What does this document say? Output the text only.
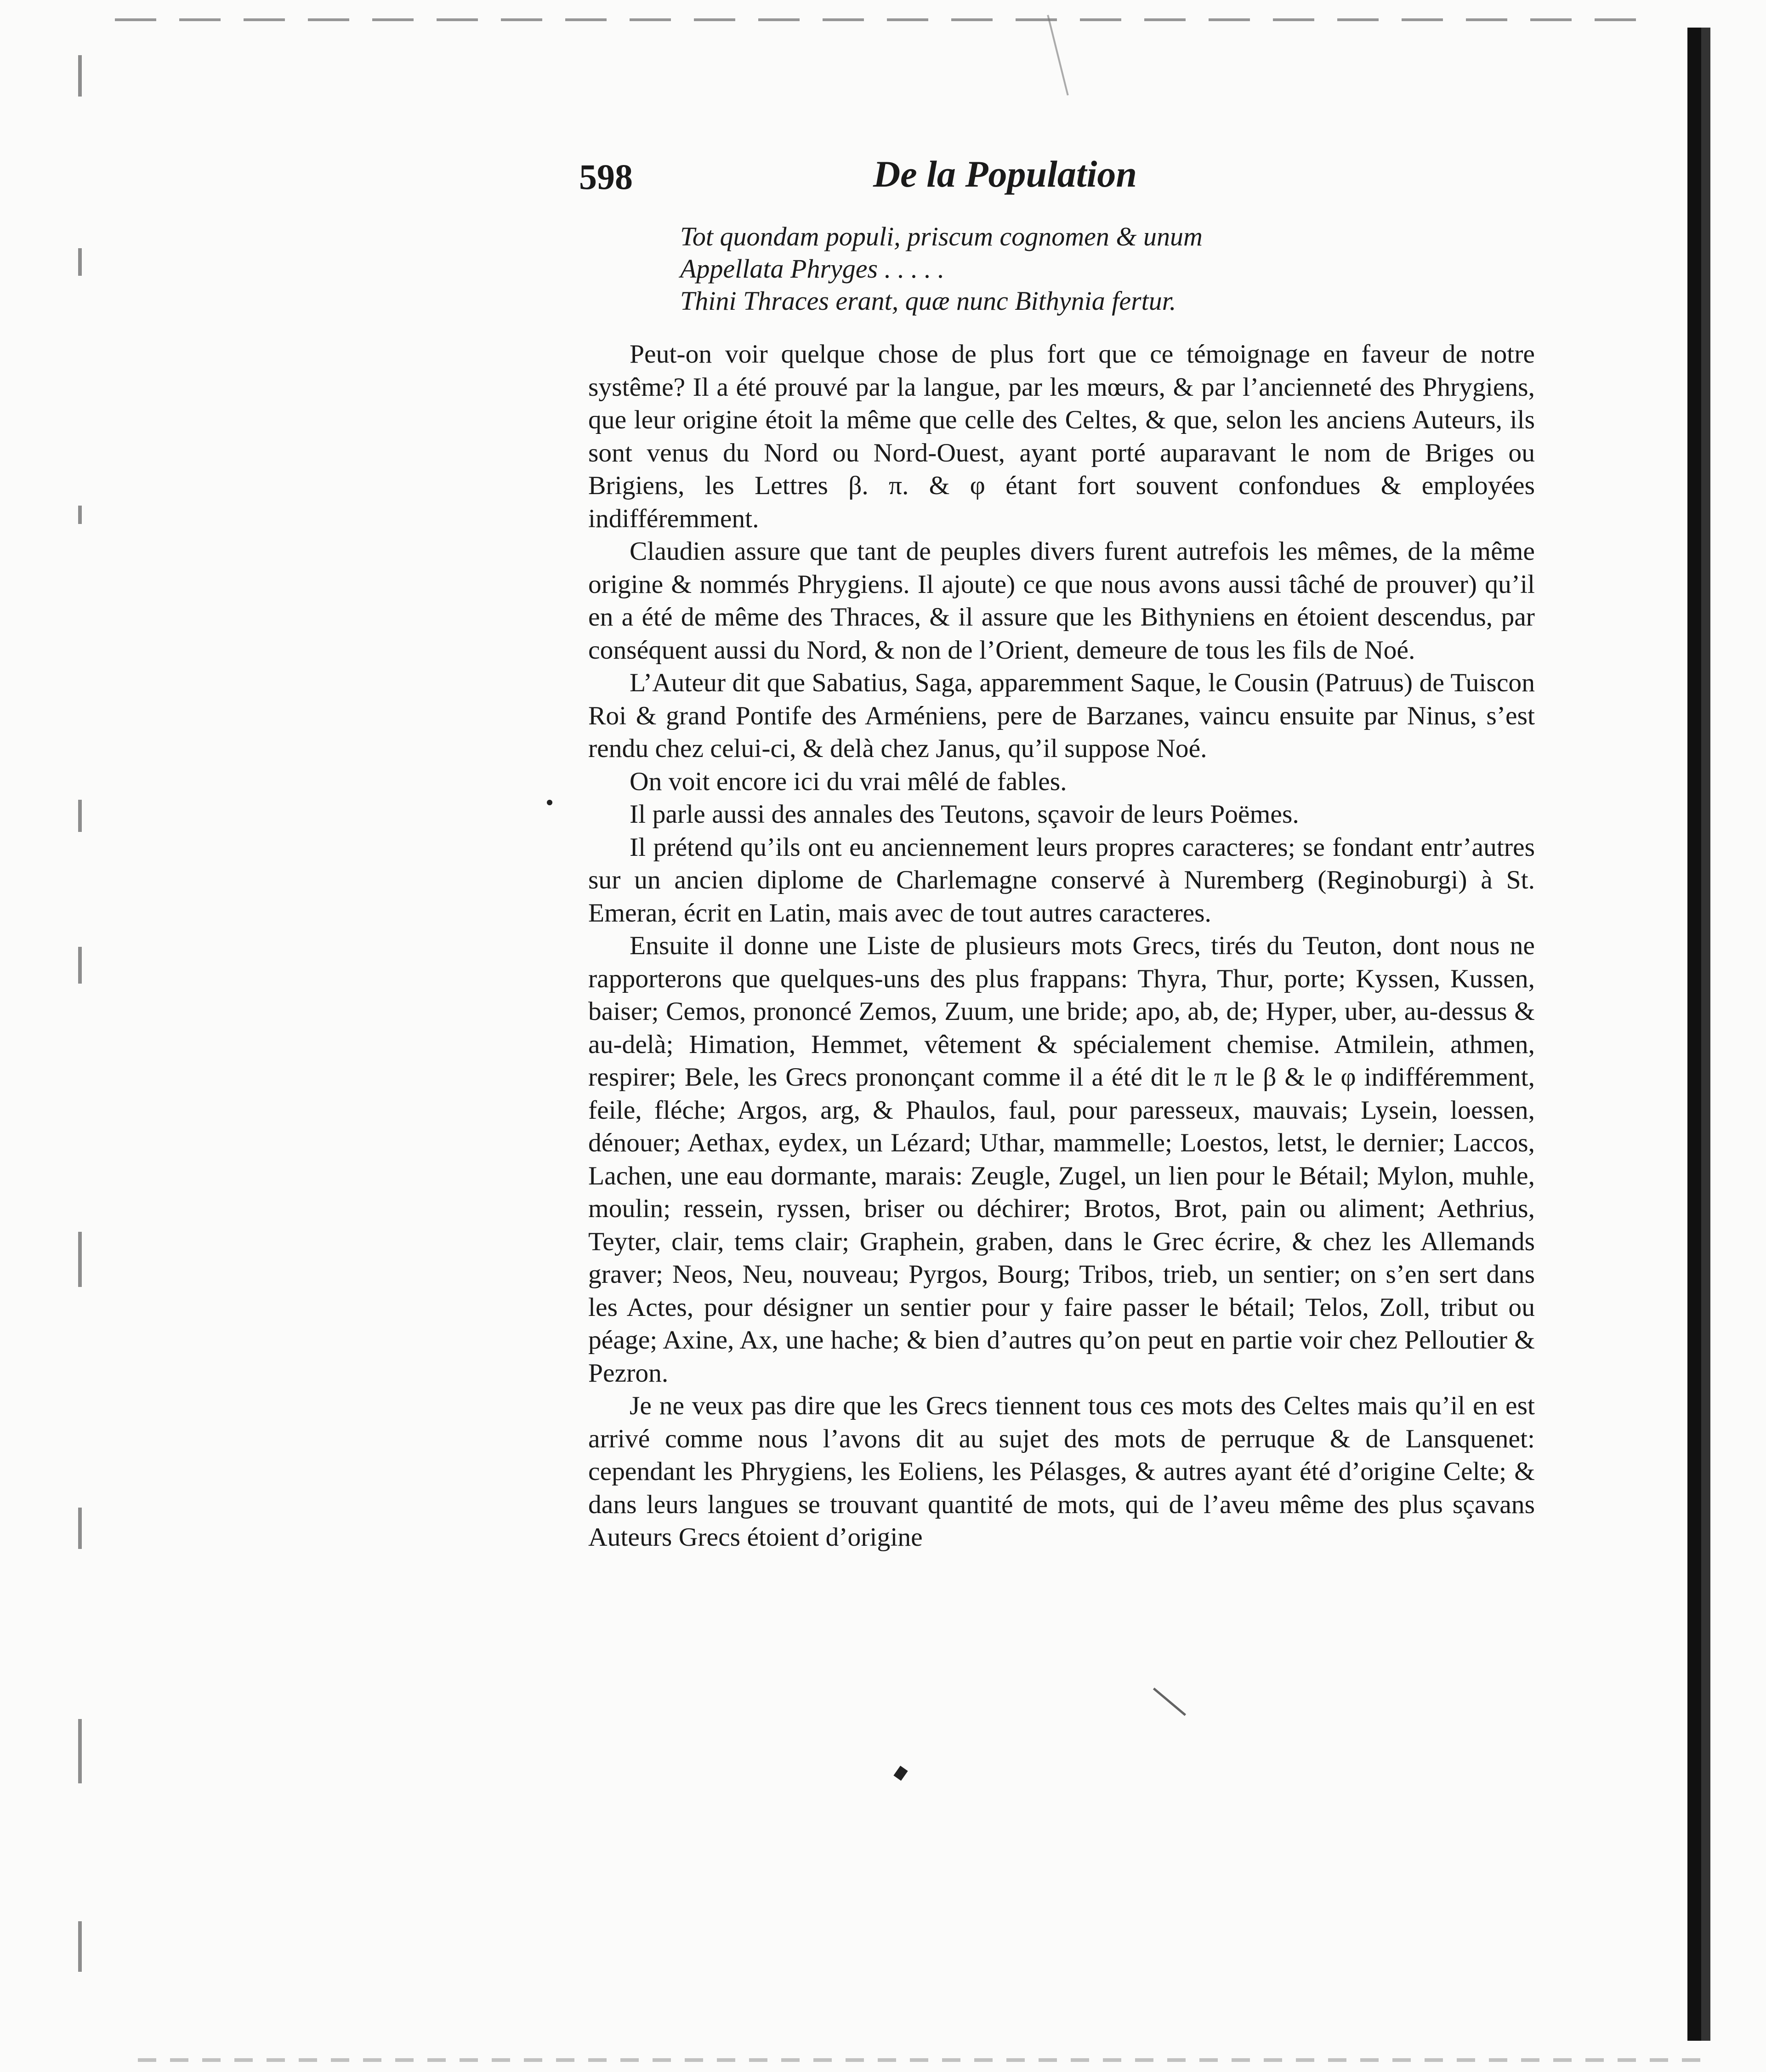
598	De la Population
Tot quondam populi, priscum cognomen & unum
Appellata Phryges . . . . .
Thini Thraces erant, quæ nunc Bithynia fertur.

Peut-on voir quelque chose de plus fort que ce témoignage en faveur de notre systême? Il a été prouvé par la langue, par les mœurs, & par l’ancienneté des Phrygiens, que leur origine étoit la même que celle des Celtes, & que, selon les anciens Auteurs, ils sont venus du Nord ou Nord-Ouest, ayant porté auparavant le nom de Briges ou Brigiens, les Lettres β. π. & φ étant fort souvent confondues & employées indifféremment.

Claudien assure que tant de peuples divers furent autrefois les mêmes, de la même origine & nommés Phrygiens. Il ajoute) ce que nous avons aussi tâché de prouver) qu’il en a été de même des Thraces, & il assure que les Bithyniens en étoient descendus, par conséquent aussi du Nord, & non de l’Orient, demeure de tous les fils de Noé.

L’Auteur dit que Sabatius, Saga, apparemment Saque, le Cousin (Patruus) de Tuiscon Roi & grand Pontife des Arméniens, pere de Barzanes, vaincu ensuite par Ninus, s’est rendu chez celui-ci, & delà chez Janus, qu’il suppose Noé.

On voit encore ici du vrai mêlé de fables.

Il parle aussi des annales des Teutons, sçavoir de leurs Poëmes.

Il prétend qu’ils ont eu anciennement leurs propres caracteres; se fondant entr’autres sur un ancien diplome de Charlemagne conservé à Nuremberg (Reginoburgi) à St. Emeran, écrit en Latin, mais avec de tout autres caracteres.

Ensuite il donne une Liste de plusieurs mots Grecs, tirés du Teuton, dont nous ne rapporterons que quelques-uns des plus frappans: Thyra, Thur, porte; Kyssen, Kussen, baiser; Cemos, prononcé Zemos, Zuum, une bride; apo, ab, de; Hyper, uber, au-dessus & au-delà; Himation, Hemmet, vêtement & spécialement chemise. Atmilein, athmen, respirer; Bele, les Grecs prononçant comme il a été dit le π le β & le φ indifféremment, feile, fléche; Argos, arg, & Phaulos, faul, pour paresseux, mauvais; Lysein, loessen, dénouer; Aethax, eydex, un Lézard; Uthar, mammelle; Loestos, letst, le dernier; Laccos, Lachen, une eau dormante, marais: Zeugle, Zugel, un lien pour le Bétail; Mylon, muhle, moulin; ressein, ryssen, briser ou déchirer; Brotos, Brot, pain ou aliment; Aethrius, Teyter, clair, tems clair; Graphein, graben, dans le Grec écrire, & chez les Allemands graver; Neos, Neu, nouveau; Pyrgos, Bourg; Tribos, trieb, un sentier; on s’en sert dans les Actes, pour désigner un sentier pour y faire passer le bétail; Telos, Zoll, tribut ou péage; Axine, Ax, une hache; & bien d’autres qu’on peut en partie voir chez Pelloutier & Pezron.

Je ne veux pas dire que les Grecs tiennent tous ces mots des Celtes mais qu’il en est arrivé comme nous l’avons dit au sujet des mots de perruque & de Lansquenet: cependant les Phrygiens, les Eoliens, les Pélasges, & autres ayant été d’origine Celte; & dans leurs langues se trouvant quantité de mots, qui de l’aveu même des plus sçavans Auteurs Grecs étoient d’origine
